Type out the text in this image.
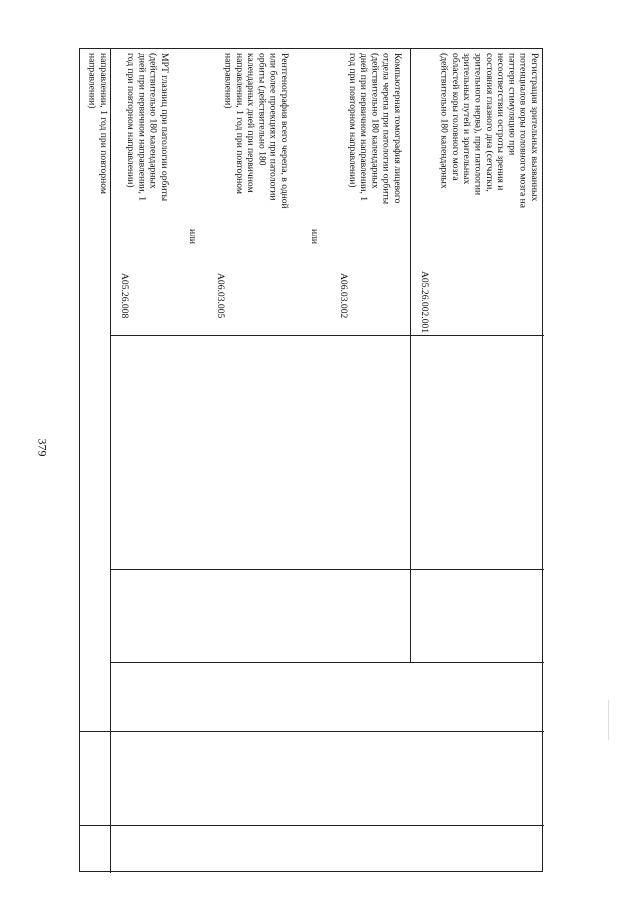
379
направлении, 1 год при повторном
направлении)
A05.26.008
МРТ глазниц при патологии орбиты
(действительно 180 календарных
дней при первичном направлении, 1
год при повторном направлении)
или
A06.03.005
Рентгенография всего черепа, в одной
или более проекциях при патологии
орбиты (действительно 180
календарных дней при первичном
направлении, 1 год при повторном
направлении)
или
A06.03.002
Компьютерная томография лицевого
отдела черепа при патологии орбиты
(действительно 180 календарных
дней при первичном направлении, 1
год при повторном направлении)
A05.26.002.001
Регистрация зрительных вызванных
потенциалов коры головного мозга на
паттерн стимуляцию при
несоответствии остроты зрения и
состояния глазного дна (сетчатки,
зрительного нерва), при патологии
зрительных путей и зрительных
областей коры головного мозга
(действительно 180 календарных
